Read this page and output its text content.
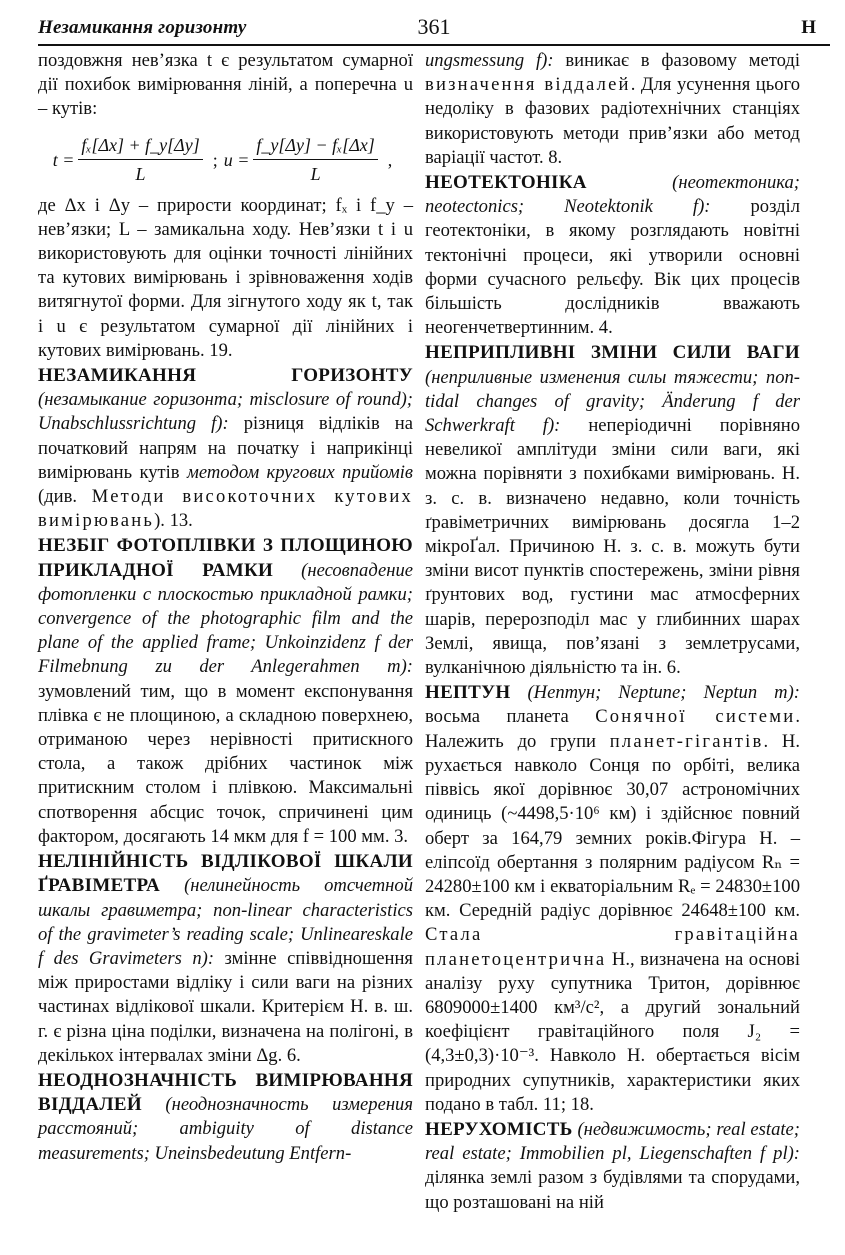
Незамикання горизонту	361	Н

поздовжня нев’язка t є результатом сумарної дії похибок вимірювання ліній, а поперечна u – кутів:

$t = \frac{\text{fₓ[Δx] + f\_y[Δy]}}{L}$ ; $u = \frac{\text{f\_y[Δy] − fₓ[Δx]}}{L}$ ,

де Δx і Δy – прирости координат; fₓ і f_y – нев’язки; L – замикальна ходу. Нев’язки t і u використовують для оцінки точності лінійних та кутових вимірювань і зрівноваження ходів витягнутої форми. Для зігнутого ходу як t, так і u є результатом сумарної дії лінійних і кутових вимірювань. 19.

НЕЗАМИКАННЯ ГОРИЗОНТУ (незамыкание горизонта; misclosure of round); Unabschlussrichtung f): різниця відліків на початковий напрям на початку і наприкінці вимірювань кутів методом кругових прийомів (див. Методи високоточних кутових вимірювань). 13.

НЕЗБІГ ФОТОПЛІВКИ З ПЛОЩИНОЮ ПРИКЛАДНОЇ РАМКИ (несовпадение фотопленки с плоскостью прикладной рамки; convergence of the photographic film and the plane of the applied frame; Unkoinzidenz f der Filmebnung zu der Anlegerahmen m): зумовлений тим, що в момент експонування плівка є не площиною, а складною поверхнею, отриманою через нерівності притискного стола, а також дрібних частинок між притискним столом і плівкою. Максимальні спотворення абсцис точок, спричинені цим фактором, досягають 14 мкм для f = 100 мм. 3.

НЕЛІНІЙНІСТЬ ВІДЛІКОВОЇ ШКАЛИ ҐРАВІМЕТРА (нелинейность отсчетной шкалы гравиметра; non-linear characteristics of the gravimeter’s reading scale; Unlineareskale f des Gravimeters n): змінне співвідношення між приростами відліку і сили ваги на різних частинах відлікової шкали. Критерієм Н. в. ш. г. є різна ціна поділки, визначена на полігоні, в декількох інтервалах зміни Δg. 6.

НЕОДНОЗНАЧНІСТЬ ВИМІРЮВАННЯ ВІДДАЛЕЙ (неоднозначность измерения расстояний; ambiguity of distance measurements; Uneinsbedeutung Entfern-

ungsmessung f): виникає в фазовому методі визначення віддалей. Для усунення цього недоліку в фазових радіотехнічних станціях використовують методи прив’язки або метод варіації частот. 8.

НЕОТЕКТОНІКА	(неотектоника; neotectonics; Neotektonik f): розділ геотектоніки, в якому розглядають новітні тектонічні процеси, які утворили основні форми сучасного рельєфу. Вік цих процесів більшість дослідників вважають неогенчетвертинним. 4.

НЕПРИПЛИВНІ ЗМІНИ СИЛИ ВАГИ (неприливные изменения силы тяжести; non-tidal changes of gravity; Änderung f der Schwerkraft f): неперіодичні порівняно невеликої амплітуди зміни сили ваги, які можна порівняти з похибками вимірювань. Н. з. с. в. визначено недавно, коли точність ґравіметричних вимірювань досягла 1–2 мікроҐал. Причиною Н. з. с. в. можуть бути зміни висот пунктів спостережень, зміни рівня ґрунтових вод, густини мас атмосферних шарів, перерозподіл мас у глибинних шарах Землі, явища, пов’язані з землетрусами, вулканічною діяльністю та ін. 6.

НЕПТУН (Нептун; Neptune; Neptun m): восьма планета Сонячної системи. Належить до групи планет-гігантів. Н. рухається навколо Сонця по орбіті, велика піввісь якої дорівнює 30,07 астрономічних одиниць (~4498,5·10⁶ км) і здійснює повний оберт за 164,79 земних років.Фігура Н. – еліпсоїд обертання з полярним радіусом Rₙ = 24280±100 км і екваторіальним Rₑ = 24830±100 км. Середній радіус дорівнює 24648±100 км. Стала гравітаційна планетоцентрична Н., визначена на основі аналізу руху супутника Тритон, дорівнює 6809000±1400 км³/с², а другий зональний коефіцієнт гравітаційного поля J₂ = (4,3±0,3)·10⁻³. Навколо Н. обертається вісім природних супутників, характеристики яких подано в табл. 11; 18.

НЕРУХОМІСТЬ (недвижимость; real estate; real estate; Immobilien pl, Liegenschaften f pl): ділянка землі разом з будівлями та спорудами, що розташовані на ній
